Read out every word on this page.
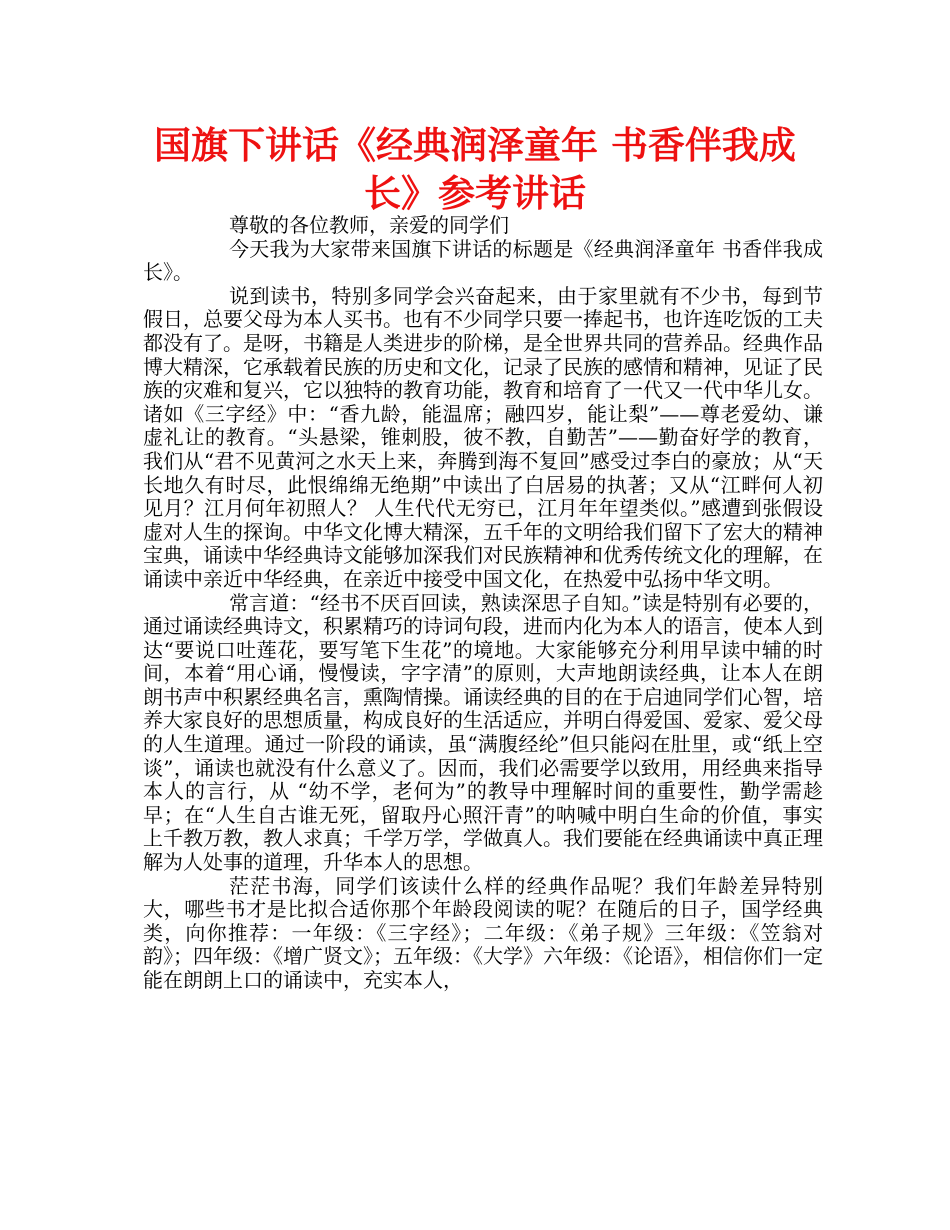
国旗下讲话《经典润泽童年 书香伴我成长》参考讲话

尊敬的各位教师，亲爱的同学们

今天我为大家带来国旗下讲话的标题是《经典润泽童年 书香伴我成长》。

说到读书，特别多同学会兴奋起来，由于家里就有不少书，每到节假日，总要父母为本人买书。也有不少同学只要一捧起书，也许连吃饭的工夫都没有了。是呀，书籍是人类进步的阶梯，是全世界共同的营养品。经典作品博大精深，它承载着民族的历史和文化，记录了民族的感情和精神，见证了民族的灾难和复兴，它以独特的教育功能，教育和培育了一代又一代中华儿女。诸如《三字经》中：“香九龄，能温席；融四岁，能让梨”——尊老爱幼、谦虚礼让的教育。“头悬梁，锥刺股，彼不教，自勤苦”——勤奋好学的教育，我们从“君不见黄河之水天上来，奔腾到海不复回”感受过李白的豪放；从“天长地久有时尽，此恨绵绵无绝期”中读出了白居易的执著；又从“江畔何人初见月？江月何年初照人？ 人生代代无穷已，江月年年望类似。”感遭到张假设虚对人生的探询。中华文化博大精深，五千年的文明给我们留下了宏大的精神宝典，诵读中华经典诗文能够加深我们对民族精神和优秀传统文化的理解，在诵读中亲近中华经典，在亲近中接受中国文化，在热爱中弘扬中华文明。

常言道：“经书不厌百回读，熟读深思子自知。”读是特别有必要的，通过诵读经典诗文，积累精巧的诗词句段，进而内化为本人的语言，使本人到达“要说口吐莲花，要写笔下生花”的境地。大家能够充分利用早读中辅的时间，本着“用心诵，慢慢读，字字清”的原则，大声地朗读经典，让本人在朗朗书声中积累经典名言，熏陶情操。诵读经典的目的在于启迪同学们心智，培养大家良好的思想质量，构成良好的生活适应，并明白得爱国、爱家、爱父母的人生道理。通过一阶段的诵读，虽“满腹经纶”但只能闷在肚里，或“纸上空谈”，诵读也就没有什么意义了。因而，我们必需要学以致用，用经典来指导本人的言行，从 “幼不学，老何为”的教导中理解时间的重要性，勤学需趁早；在“人生自古谁无死，留取丹心照汗青”的呐喊中明白生命的价值，事实上千教万教，教人求真；千学万学，学做真人。我们要能在经典诵读中真正理解为人处事的道理，升华本人的思想。

茫茫书海，同学们该读什么样的经典作品呢？我们年龄差异特别大，哪些书才是比拟合适你那个年龄段阅读的呢？在随后的日子，国学经典类，向你推荐：一年级：《三字经》；二年级：《弟子规》三年级：《笠翁对韵》；四年级：《增广贤文》；五年级：《大学》六年级：《论语》，相信你们一定能在朗朗上口的诵读中，充实本人，
